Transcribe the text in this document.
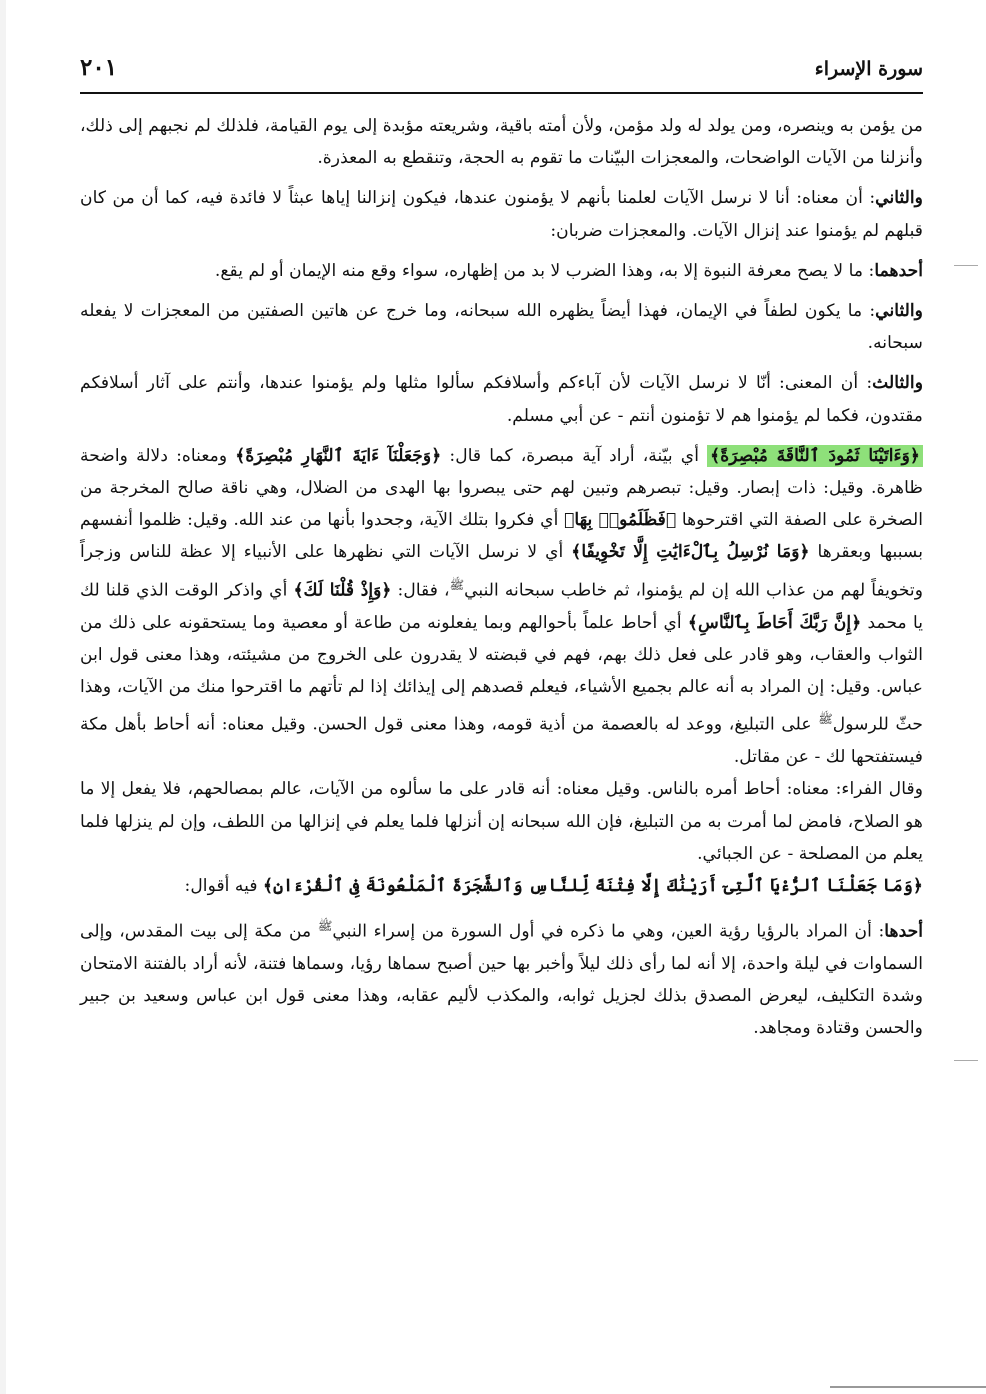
سورة الإسراء
٢٠١

من يؤمن به وينصره، ومن يولد له ولد مؤمن، ولأن أمته باقية، وشريعته مؤبدة إلى يوم القيامة، فلذلك لم نجبهم إلى ذلك، وأنزلنا من الآيات الواضحات، والمعجزات البيّنات ما تقوم به الحجة، وتنقطع به المعذرة.

والثاني: أن معناه: أنا لا نرسل الآيات لعلمنا بأنهم لا يؤمنون عندها، فيكون إنزالنا إياها عبثاً لا فائدة فيه، كما أن من كان قبلهم لم يؤمنوا عند إنزال الآيات. والمعجزات ضربان:

أحدهما: ما لا يصح معرفة النبوة إلا به، وهذا الضرب لا بد من إظهاره، سواء وقع منه الإيمان أو لم يقع.

والثاني: ما يكون لطفاً في الإيمان، فهذا أيضاً يظهره الله سبحانه، وما خرج عن هاتين الصفتين من المعجزات لا يفعله سبحانه.

والثالث: أن المعنى: أنّا لا نرسل الآيات لأن آباءكم وأسلافكم سألوا مثلها ولم يؤمنوا عندها، وأنتم على آثار أسلافكم مقتدون، فكما لم يؤمنوا هم لا تؤمنون أنتم - عن أبي مسلم.

﴿وَءَاتَيْنَا ثَمُودَ ٱلنَّاقَةَ مُبْصِرَةً﴾ أي بيّنة، أراد آية مبصرة، كما قال: ﴿وَجَعَلْنَآ ءَايَةَ ٱلنَّهَارِ مُبْصِرَةً﴾ ومعناه: دلالة واضحة ظاهرة. وقيل: ذات إبصار. وقيل: تبصرهم وتبين لهم حتى يبصروا بها الهدى من الضلال، وهي ناقة صالح المخرجة من الصخرة على الصفة التي اقترحوها ﴿فَظَلَمُوا۟ بِهَا﴾ أي فكروا بتلك الآية، وجحدوا بأنها من عند الله. وقيل: ظلموا أنفسهم بسببها وبعقرها ﴿وَمَا نُرْسِلُ بِٱلْءَايَٰتِ إِلَّا تَخْوِيفًا﴾ أي لا نرسل الآيات التي نظهرها على الأنبياء إلا عظة للناس وزجراً وتخويفاً لهم من عذاب الله إن لم يؤمنوا، ثم خاطب سبحانه النبي$^ﷺ$، فقال: ﴿وَإِذْ قُلْنَا لَكَ﴾ أي واذكر الوقت الذي قلنا لك يا محمد ﴿إِنَّ رَبَّكَ أَحَاطَ بِٱلنَّاسِ﴾ أي أحاط علماً بأحوالهم وبما يفعلونه من طاعة أو معصية وما يستحقونه على ذلك من الثواب والعقاب، وهو قادر على فعل ذلك بهم، فهم في قبضته لا يقدرون على الخروج من مشيئته، وهذا معنى قول ابن عباس. وقيل: إن المراد به أنه عالم بجميع الأشياء، فيعلم قصدهم إلى إيذائك إذا لم تأتهم ما اقترحوا منك من الآيات، وهذا حثّ للرسول$^ﷺ$ على التبليغ، ووعد له بالعصمة من أذية قومه، وهذا معنى قول الحسن. وقيل معناه: أنه أحاط بأهل مكة فيستفتحها لك - عن مقاتل.

وقال الفراء: معناه: أحاط أمره بالناس. وقيل معناه: أنه قادر على ما سألوه من الآيات، عالم بمصالحهم، فلا يفعل إلا ما هو الصلاح، فامض لما أمرت به من التبليغ، فإن الله سبحانه إن أنزلها فلما يعلم في إنزالها من اللطف، وإن لم ينزلها فلما يعلم من المصلحة - عن الجبائي.

﴿وَمَا جَعَلْنَا ٱلرُّءْيَا ٱلَّتِىٓ أَرَيْنَٰكَ إِلَّا فِتْنَةً لِّلنَّاسِ وَٱلشَّجَرَةَ ٱلْمَلْعُونَةَ فِى ٱلْقُرْءَانِ﴾ فيه أقوال:

أحدها: أن المراد بالرؤيا رؤية العين، وهي ما ذكره في أول السورة من إسراء النبي$^ﷺ$ من مكة إلى بيت المقدس، وإلى السماوات في ليلة واحدة، إلا أنه لما رأى ذلك ليلاً وأخبر بها حين أصبح سماها رؤيا، وسماها فتنة، لأنه أراد بالفتنة الامتحان وشدة التكليف، ليعرض المصدق بذلك لجزيل ثوابه، والمكذب لأليم عقابه، وهذا معنى قول ابن عباس وسعيد بن جبير والحسن وقتادة ومجاهد.
